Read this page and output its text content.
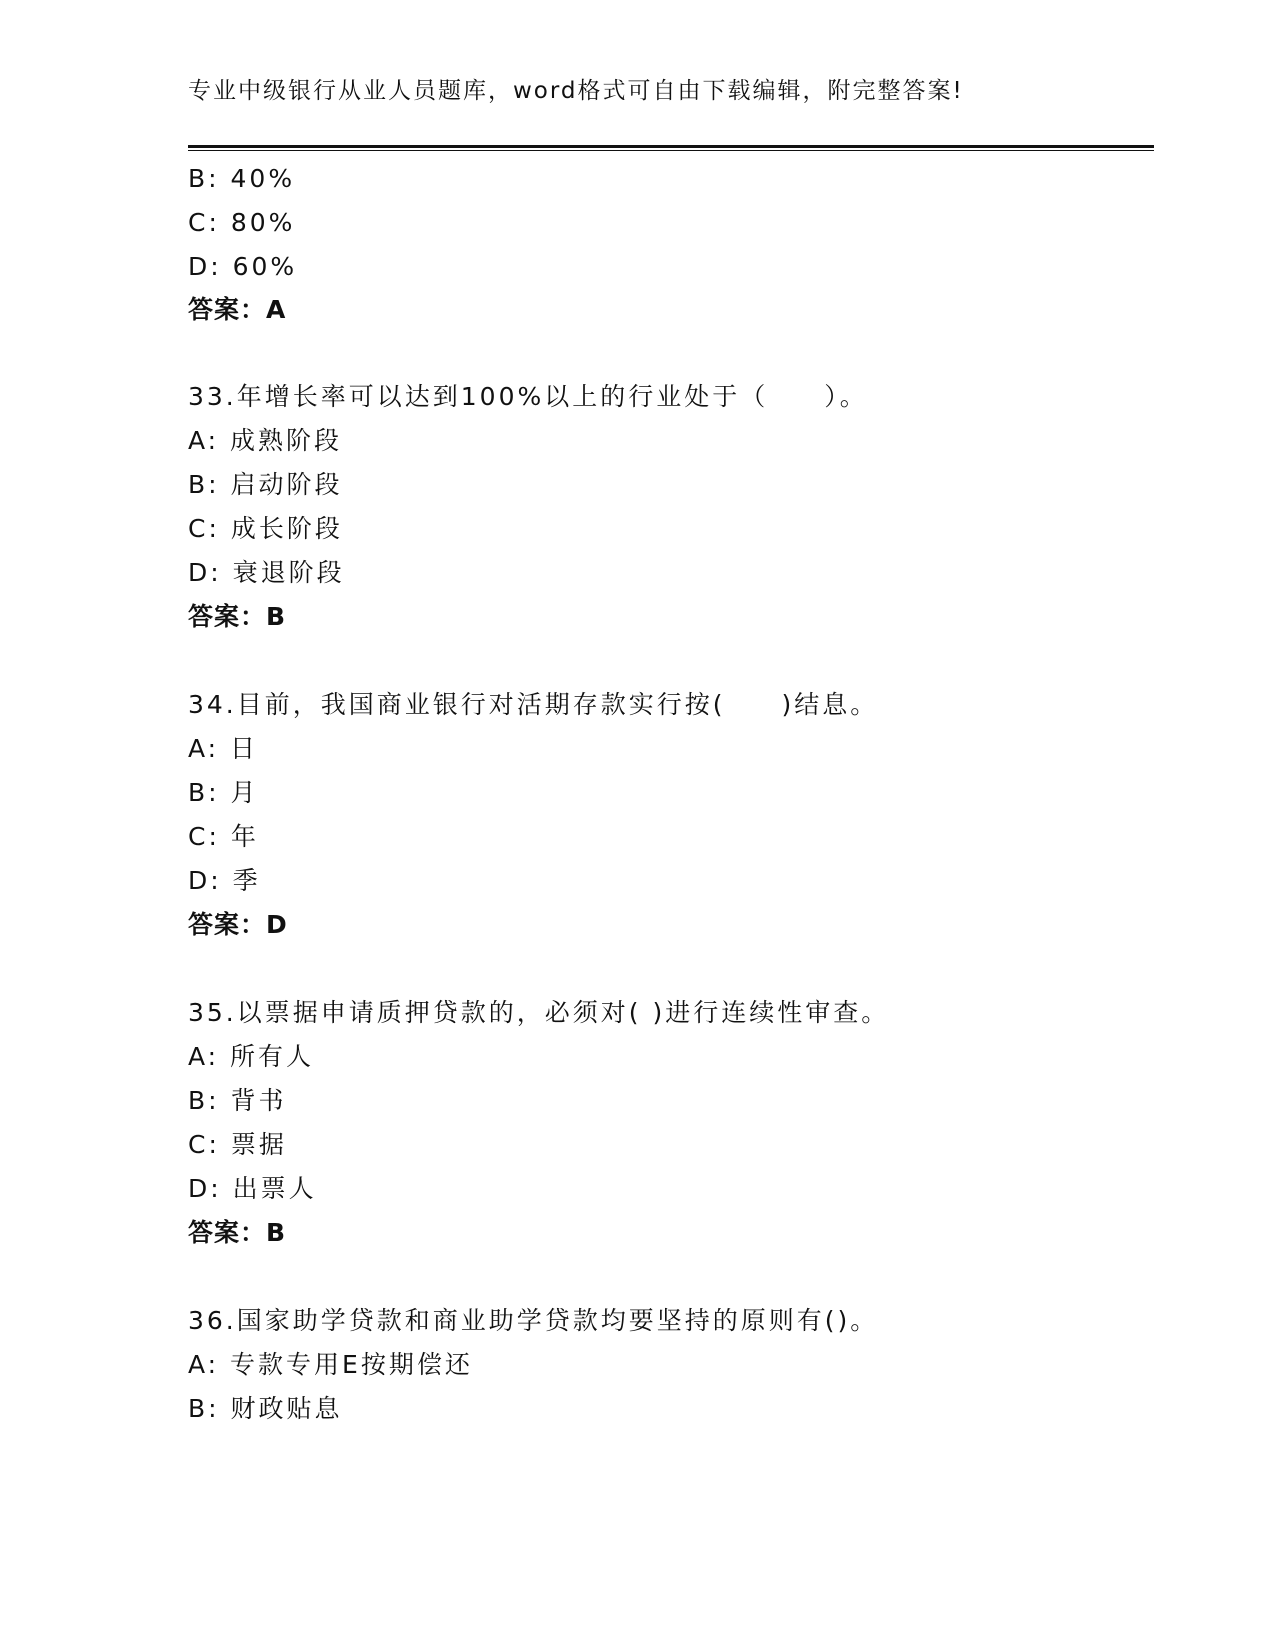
专业中级银行从业人员题库，word格式可自由下载编辑，附完整答案!
B: 40%
C: 80%
D: 60%
答案：A
33.年增长率可以达到100%以上的行业处于（　　）。
A: 成熟阶段
B: 启动阶段
C: 成长阶段
D: 衰退阶段
答案：B
34.目前，我国商业银行对活期存款实行按(　　)结息。
A: 日
B: 月
C: 年
D: 季
答案：D
35.以票据申请质押贷款的，必须对( )进行连续性审查。
A: 所有人
B: 背书
C: 票据
D: 出票人
答案：B
36.国家助学贷款和商业助学贷款均要坚持的原则有()。
A: 专款专用E按期偿还
B: 财政贴息
